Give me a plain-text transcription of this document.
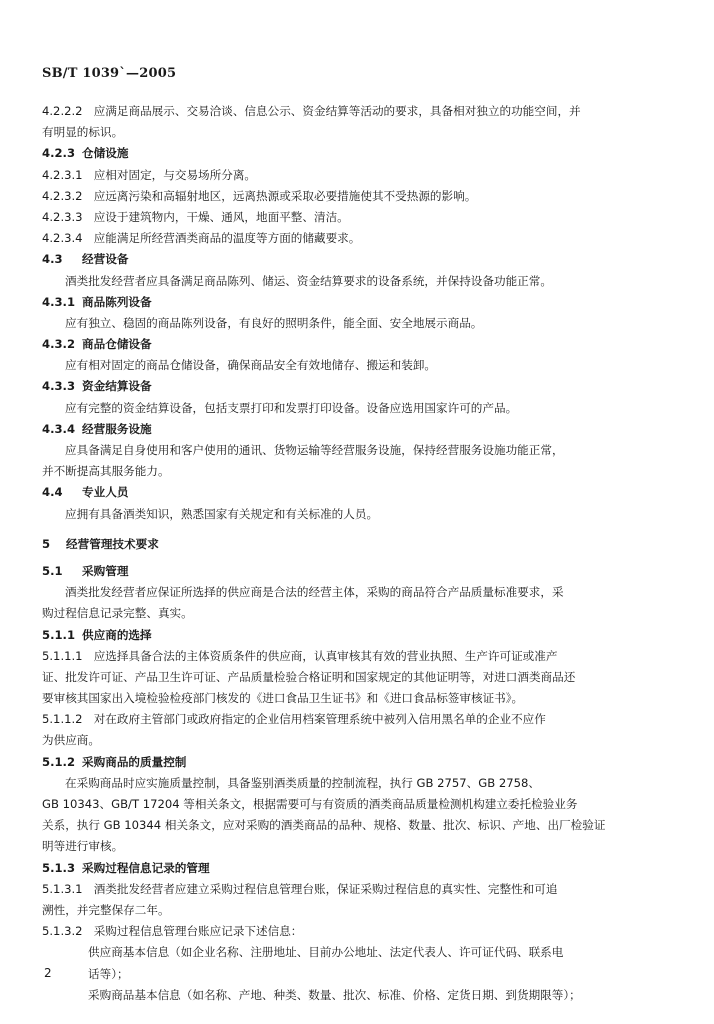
SB/T 1039`—2005
4.2.2.2 应满足商品展示、交易洽谈、信息公示、资金结算等活动的要求，具备相对独立的功能空间，并
有明显的标识。
4.2.3 仓储设施
4.2.3.1 应相对固定，与交易场所分离。
4.2.3.2 应远离污染和高辐射地区，远离热源或采取必要措施使其不受热源的影响。
4.2.3.3 应设于建筑物内，干燥、通风，地面平整、清洁。
4.2.3.4 应能满足所经营酒类商品的温度等方面的储藏要求。
4.3 经营设备
酒类批发经营者应具备满足商品陈列、储运、资金结算要求的设备系统，并保持设备功能正常。
4.3.1 商品陈列设备
应有独立、稳固的商品陈列设备，有良好的照明条件，能全面、安全地展示商品。
4.3.2 商品仓储设备
应有相对固定的商品仓储设备，确保商品安全有效地储存、搬运和装卸。
4.3.3 资金结算设备
应有完整的资金结算设备，包括支票打印和发票打印设备。设备应选用国家许可的产品。
4.3.4 经营服务设施
应具备满足自身使用和客户使用的通讯、货物运输等经营服务设施，保持经营服务设施功能正常，
并不断提高其服务能力。
4.4 专业人员
应拥有具备酒类知识，熟悉国家有关规定和有关标准的人员。
5 经营管理技术要求
5.1 采购管理
酒类批发经营者应保证所选择的供应商是合法的经营主体，采购的商品符合产品质量标准要求，采
购过程信息记录完整、真实。
5.1.1 供应商的选择
5.1.1.1 应选择具备合法的主体资质条件的供应商，认真审核其有效的营业执照、生产许可证或准产
证、批发许可证、产品卫生许可证、产品质量检验合格证明和国家规定的其他证明等，对进口酒类商品还
要审核其国家出入境检验检疫部门核发的《进口食品卫生证书》和《进口食品标签审核证书》。
5.1.1.2 对在政府主管部门或政府指定的企业信用档案管理系统中被列入信用黑名单的企业不应作
为供应商。
5.1.2 采购商品的质量控制
在采购商品时应实施质量控制，具备鉴别酒类质量的控制流程，执行 GB 2757、GB 2758、
GB 10343、GB/T 17204 等相关条文，根据需要可与有资质的酒类商品质量检测机构建立委托检验业务
关系，执行 GB 10344 相关条文，应对采购的酒类商品的品种、规格、数量、批次、标识、产地、出厂检验证
明等进行审核。
5.1.3 采购过程信息记录的管理
5.1.3.1 酒类批发经营者应建立采购过程信息管理台账，保证采购过程信息的真实性、完整性和可追
溯性，并完整保存二年。
5.1.3.2 采购过程信息管理台账应记录下述信息：
供应商基本信息（如企业名称、注册地址、目前办公地址、法定代表人、许可证代码、联系电
话等）；
采购商品基本信息（如名称、产地、种类、数量、批次、标准、价格、定货日期、到货期限等）；
2
